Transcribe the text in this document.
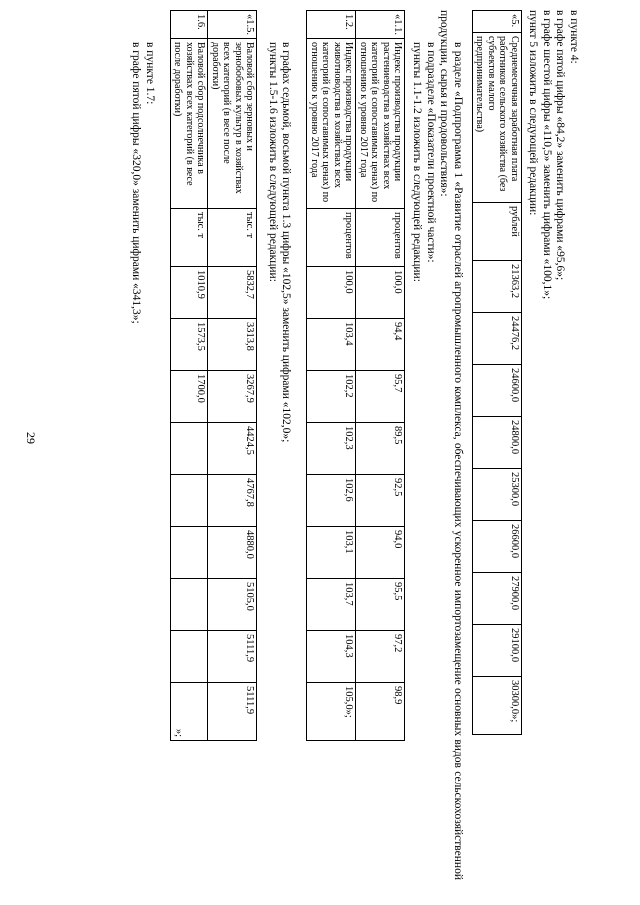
29
в пункте 4:
в графе пятой цифры «84,2» заменить цифрами «95,6»;
в графе шестой цифры «110,5» заменить цифрами «100,1»;
пункт 5 изложить в следующей редакции:
«5.	Среднемесячная заработная плата работников сельского хозяйства (без субъектов малого предпринимательства)	рублей	21363,2	24476,2	24600,0	24800,0	25300,0	26600,0	27900,0	29100,0	30300,0»;
в разделе «Подпрограмма 1 «Развитие отраслей агропромышленного комплекса, обеспечивающих ускоренное импортозамещение основных видов сельскохозяйственной продукции, сырья и продовольствия»:
в подразделе «Показатели проектной части»:
пункты 1.1-1.2 изложить в следующей редакции:
«1.1.	Индекс производства продукции растениеводства в хозяйствах всех категорий (в сопоставимых ценах) по отношению к уровню 2017 года	процентов	100,0	94,4	95,7	89,5	92,5	94,0	95,5	97,2	98,9
1.2.	Индекс производства продукции животноводства в хозяйствах всех категорий (в сопоставимых ценах) по отношению к уровню 2017 года	процентов	100,0	103,4	102,2	102,3	102,6	103,1	103,7	104,3	105,0»;
в графах седьмой, восьмой пункта 1.3 цифры «102,5» заменить цифрами «102,0»;
пункты 1.5-1.6 изложить в следующей редакции:
«1.5.	Валовой сбор зерновых и зернобобовых культур в хозяйствах всех категорий (в весе после доработки)	тыс. т	5832,7	3313,8	3267,9	4424,5	4767,8	4880,0	5105,0	5111,9	5111,9
1.6.	Валовой сбор подсолнечника в хозяйствах всех категорий (в весе после доработки)	тыс. т	1010,9	1573,5	1700,0						»;
в пункте 1.7:
в графе пятой цифры «320,0» заменить цифрами «341,3»;
